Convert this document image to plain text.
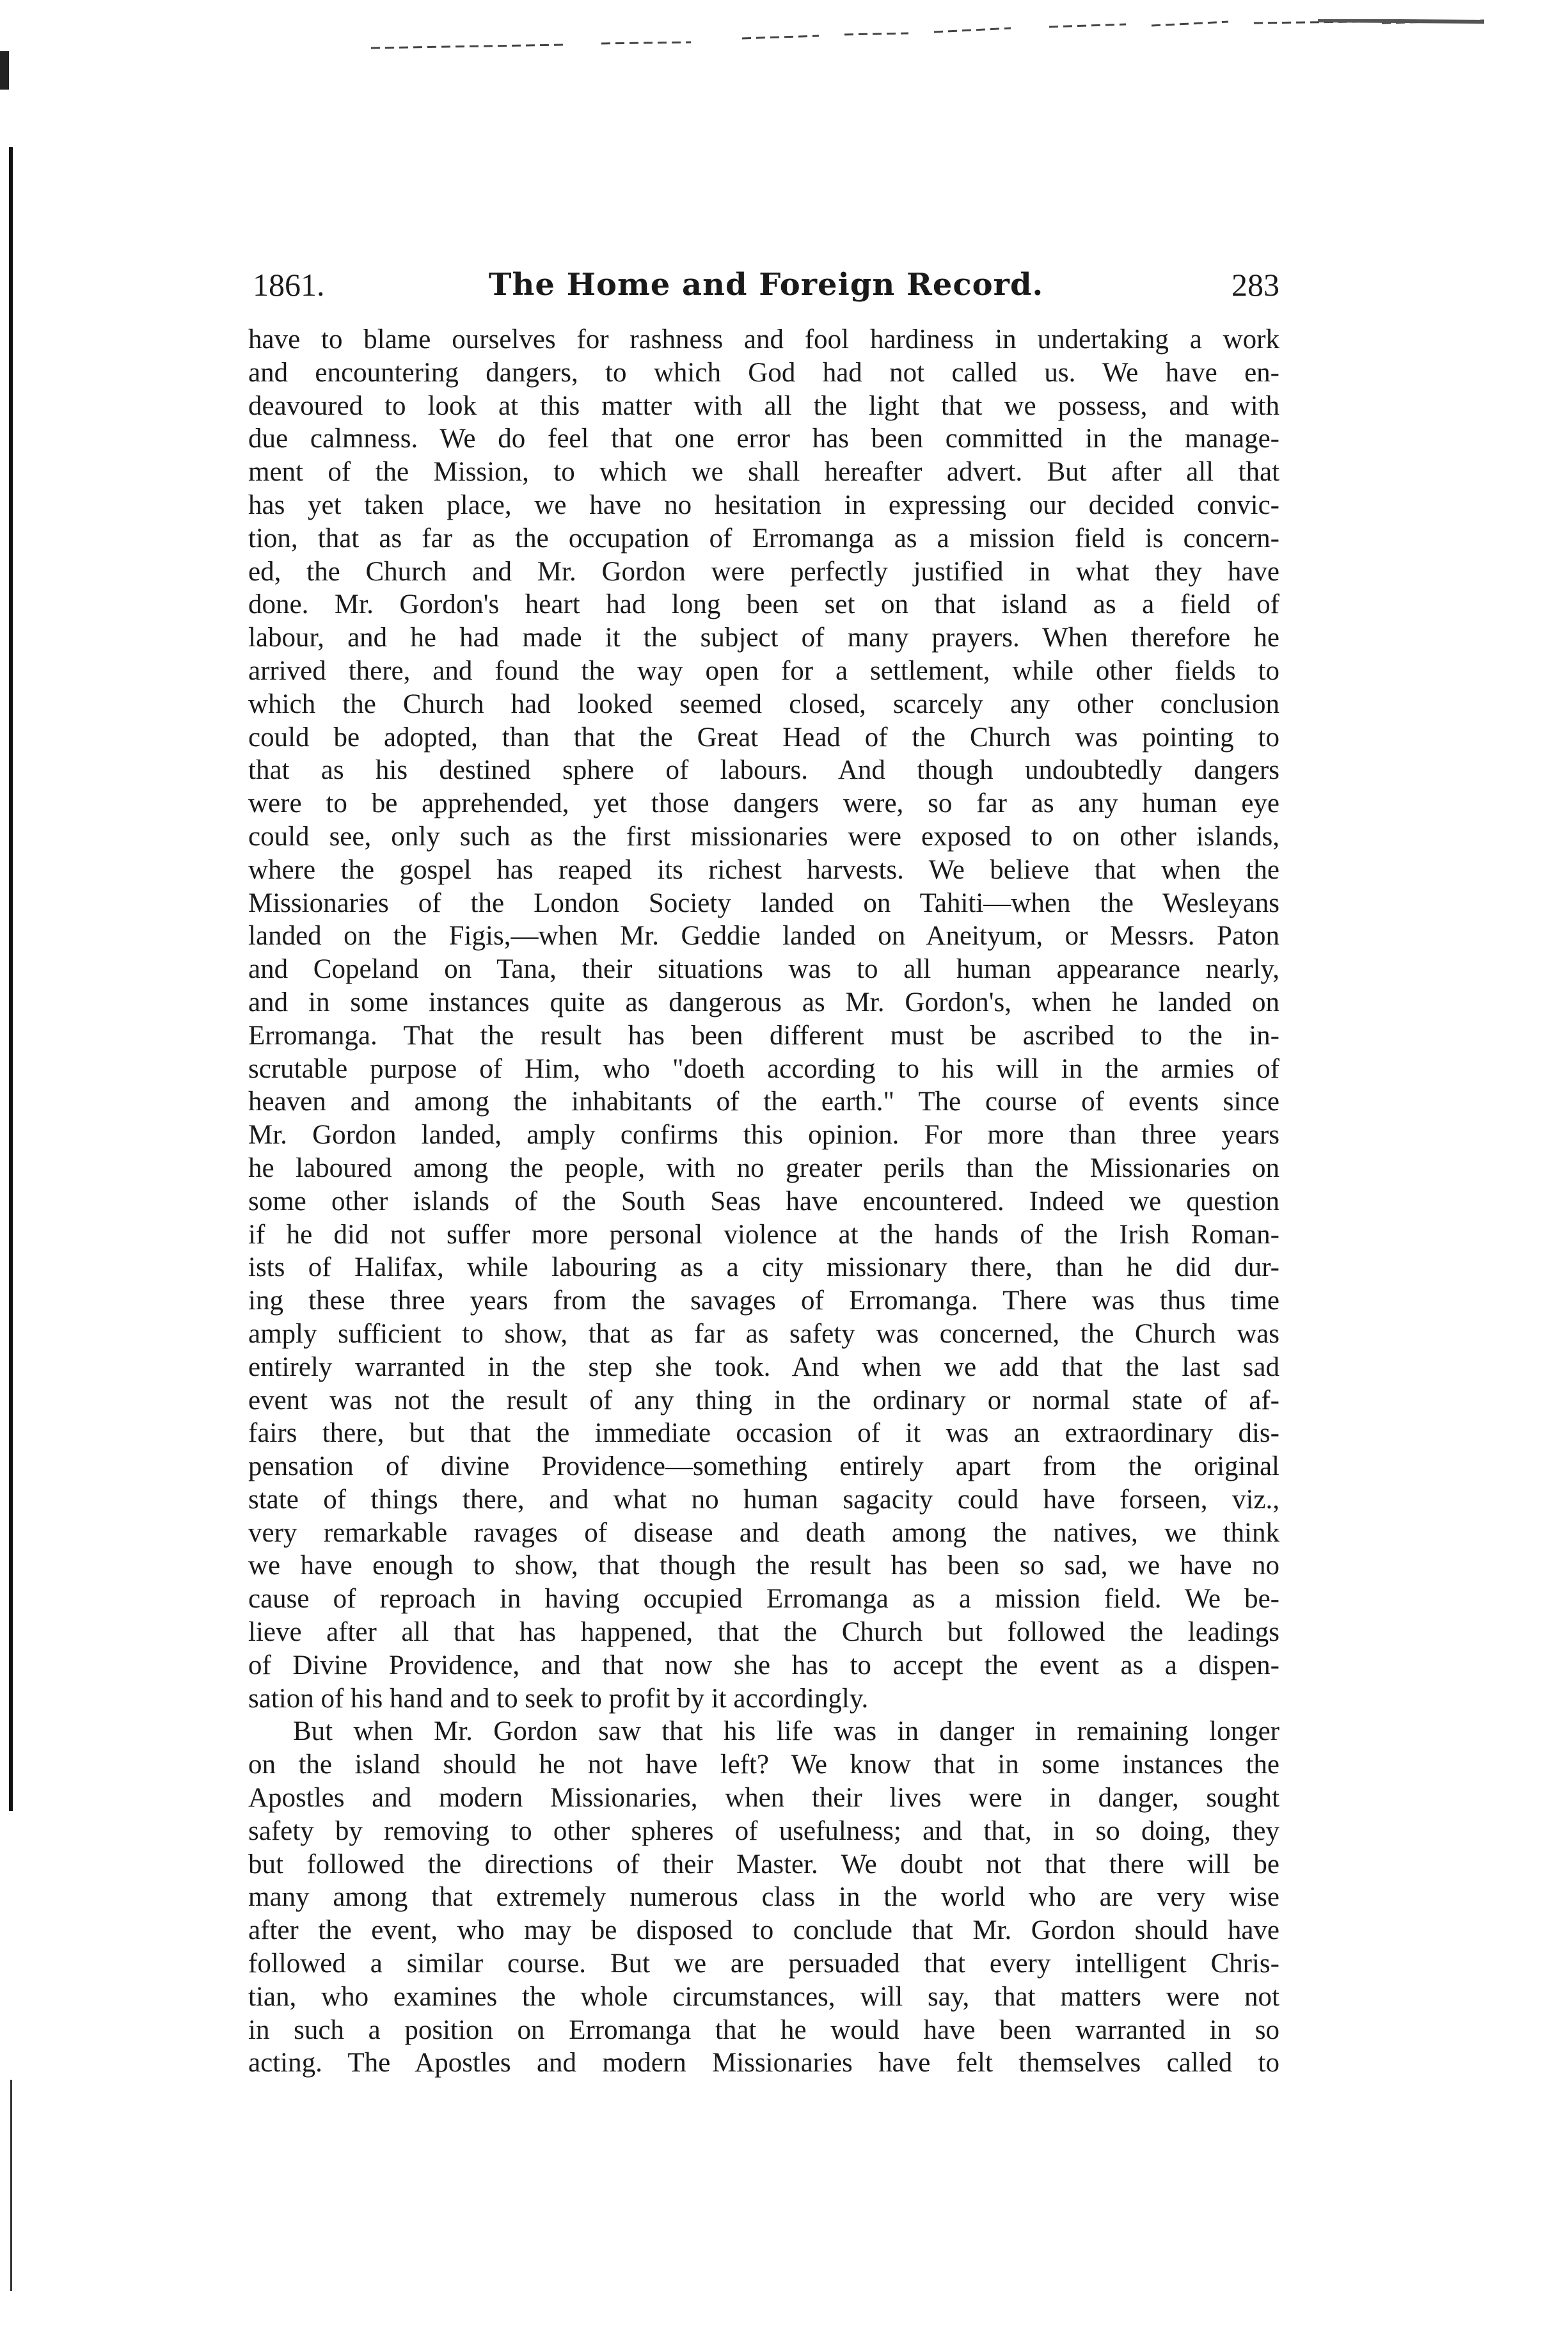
1861.	The Home and Foreign Record.	283
have to blame ourselves for rashness and fool hardiness in undertaking a work
and encountering dangers, to which God had not called us. We have en-
deavoured to look at this matter with all the light that we possess, and with
due calmness. We do feel that one error has been committed in the manage-
ment of the Mission, to which we shall hereafter advert. But after all that
has yet taken place, we have no hesitation in expressing our decided convic-
tion, that as far as the occupation of Erromanga as a mission field is concern-
ed, the Church and Mr. Gordon were perfectly justified in what they have
done. Mr. Gordon's heart had long been set on that island as a field of
labour, and he had made it the subject of many prayers. When therefore he
arrived there, and found the way open for a settlement, while other fields to
which the Church had looked seemed closed, scarcely any other conclusion
could be adopted, than that the Great Head of the Church was pointing to
that as his destined sphere of labours. And though undoubtedly dangers
were to be apprehended, yet those dangers were, so far as any human eye
could see, only such as the first missionaries were exposed to on other islands,
where the gospel has reaped its richest harvests. We believe that when the
Missionaries of the London Society landed on Tahiti—when the Wesleyans
landed on the Figis,—when Mr. Geddie landed on Aneityum, or Messrs. Paton
and Copeland on Tana, their situations was to all human appearance nearly,
and in some instances quite as dangerous as Mr. Gordon's, when he landed on
Erromanga. That the result has been different must be ascribed to the in-
scrutable purpose of Him, who "doeth according to his will in the armies of
heaven and among the inhabitants of the earth." The course of events since
Mr. Gordon landed, amply confirms this opinion. For more than three years
he laboured among the people, with no greater perils than the Missionaries on
some other islands of the South Seas have encountered. Indeed we question
if he did not suffer more personal violence at the hands of the Irish Roman-
ists of Halifax, while labouring as a city missionary there, than he did dur-
ing these three years from the savages of Erromanga. There was thus time
amply sufficient to show, that as far as safety was concerned, the Church was
entirely warranted in the step she took. And when we add that the last sad
event was not the result of any thing in the ordinary or normal state of af-
fairs there, but that the immediate occasion of it was an extraordinary dis-
pensation of divine Providence—something entirely apart from the original
state of things there, and what no human sagacity could have forseen, viz.,
very remarkable ravages of disease and death among the natives, we think
we have enough to show, that though the result has been so sad, we have no
cause of reproach in having occupied Erromanga as a mission field. We be-
lieve after all that has happened, that the Church but followed the leadings
of Divine Providence, and that now she has to accept the event as a dispen-
sation of his hand and to seek to profit by it accordingly.
But when Mr. Gordon saw that his life was in danger in remaining longer
on the island should he not have left? We know that in some instances the
Apostles and modern Missionaries, when their lives were in danger, sought
safety by removing to other spheres of usefulness; and that, in so doing, they
but followed the directions of their Master. We doubt not that there will be
many among that extremely numerous class in the world who are very wise
after the event, who may be disposed to conclude that Mr. Gordon should have
followed a similar course. But we are persuaded that every intelligent Chris-
tian, who examines the whole circumstances, will say, that matters were not
in such a position on Erromanga that he would have been warranted in so
acting. The Apostles and modern Missionaries have felt themselves called to
